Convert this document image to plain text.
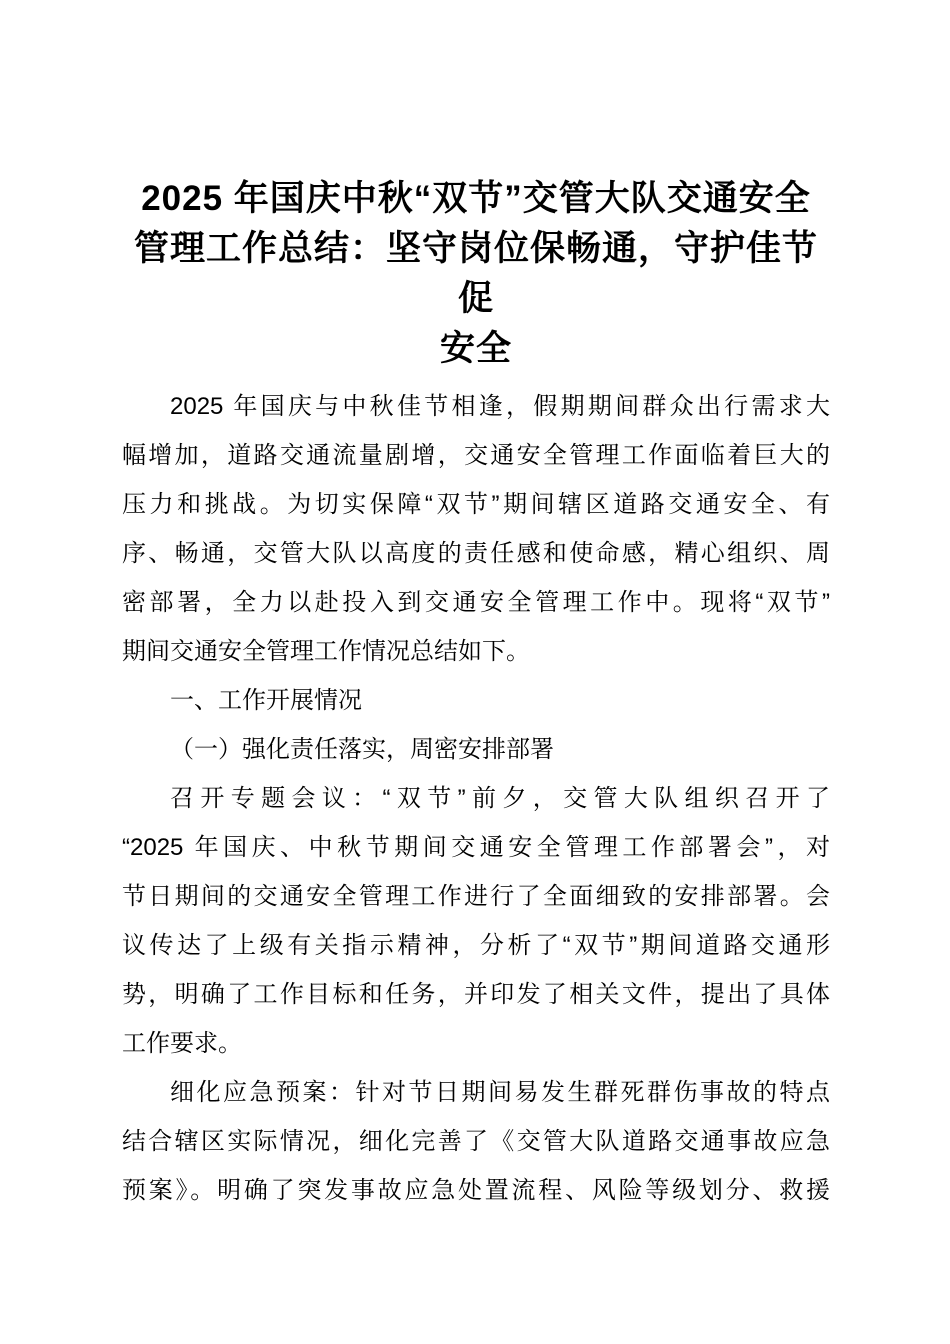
2025 年国庆中秋“双节”交管大队交通安全
管理工作总结：坚守岗位保畅通，守护佳节促
安全
2025 年国庆与中秋佳节相逢，假期期间群众出行需求大
幅增加，道路交通流量剧增，交通安全管理工作面临着巨大的
压力和挑战。为切实保障“双节”期间辖区道路交通安全、有
序、畅通，交管大队以高度的责任感和使命感，精心组织、周
密部署，全力以赴投入到交通安全管理工作中。现将“双节”
期间交通安全管理工作情况总结如下。
一、工作开展情况
（一）强化责任落实，周密安排部署
召开专题会议：“双节”前夕，交管大队组织召开了
“2025 年国庆、中秋节期间交通安全管理工作部署会”，对
节日期间的交通安全管理工作进行了全面细致的安排部署。会
议传达了上级有关指示精神，分析了“双节”期间道路交通形
势，明确了工作目标和任务，并印发了相关文件，提出了具体
工作要求。
细化应急预案：针对节日期间易发生群死群伤事故的特点
结合辖区实际情况，细化完善了《交管大队道路交通事故应急
预案》。明确了突发事故应急处置流程、风险等级划分、救援
